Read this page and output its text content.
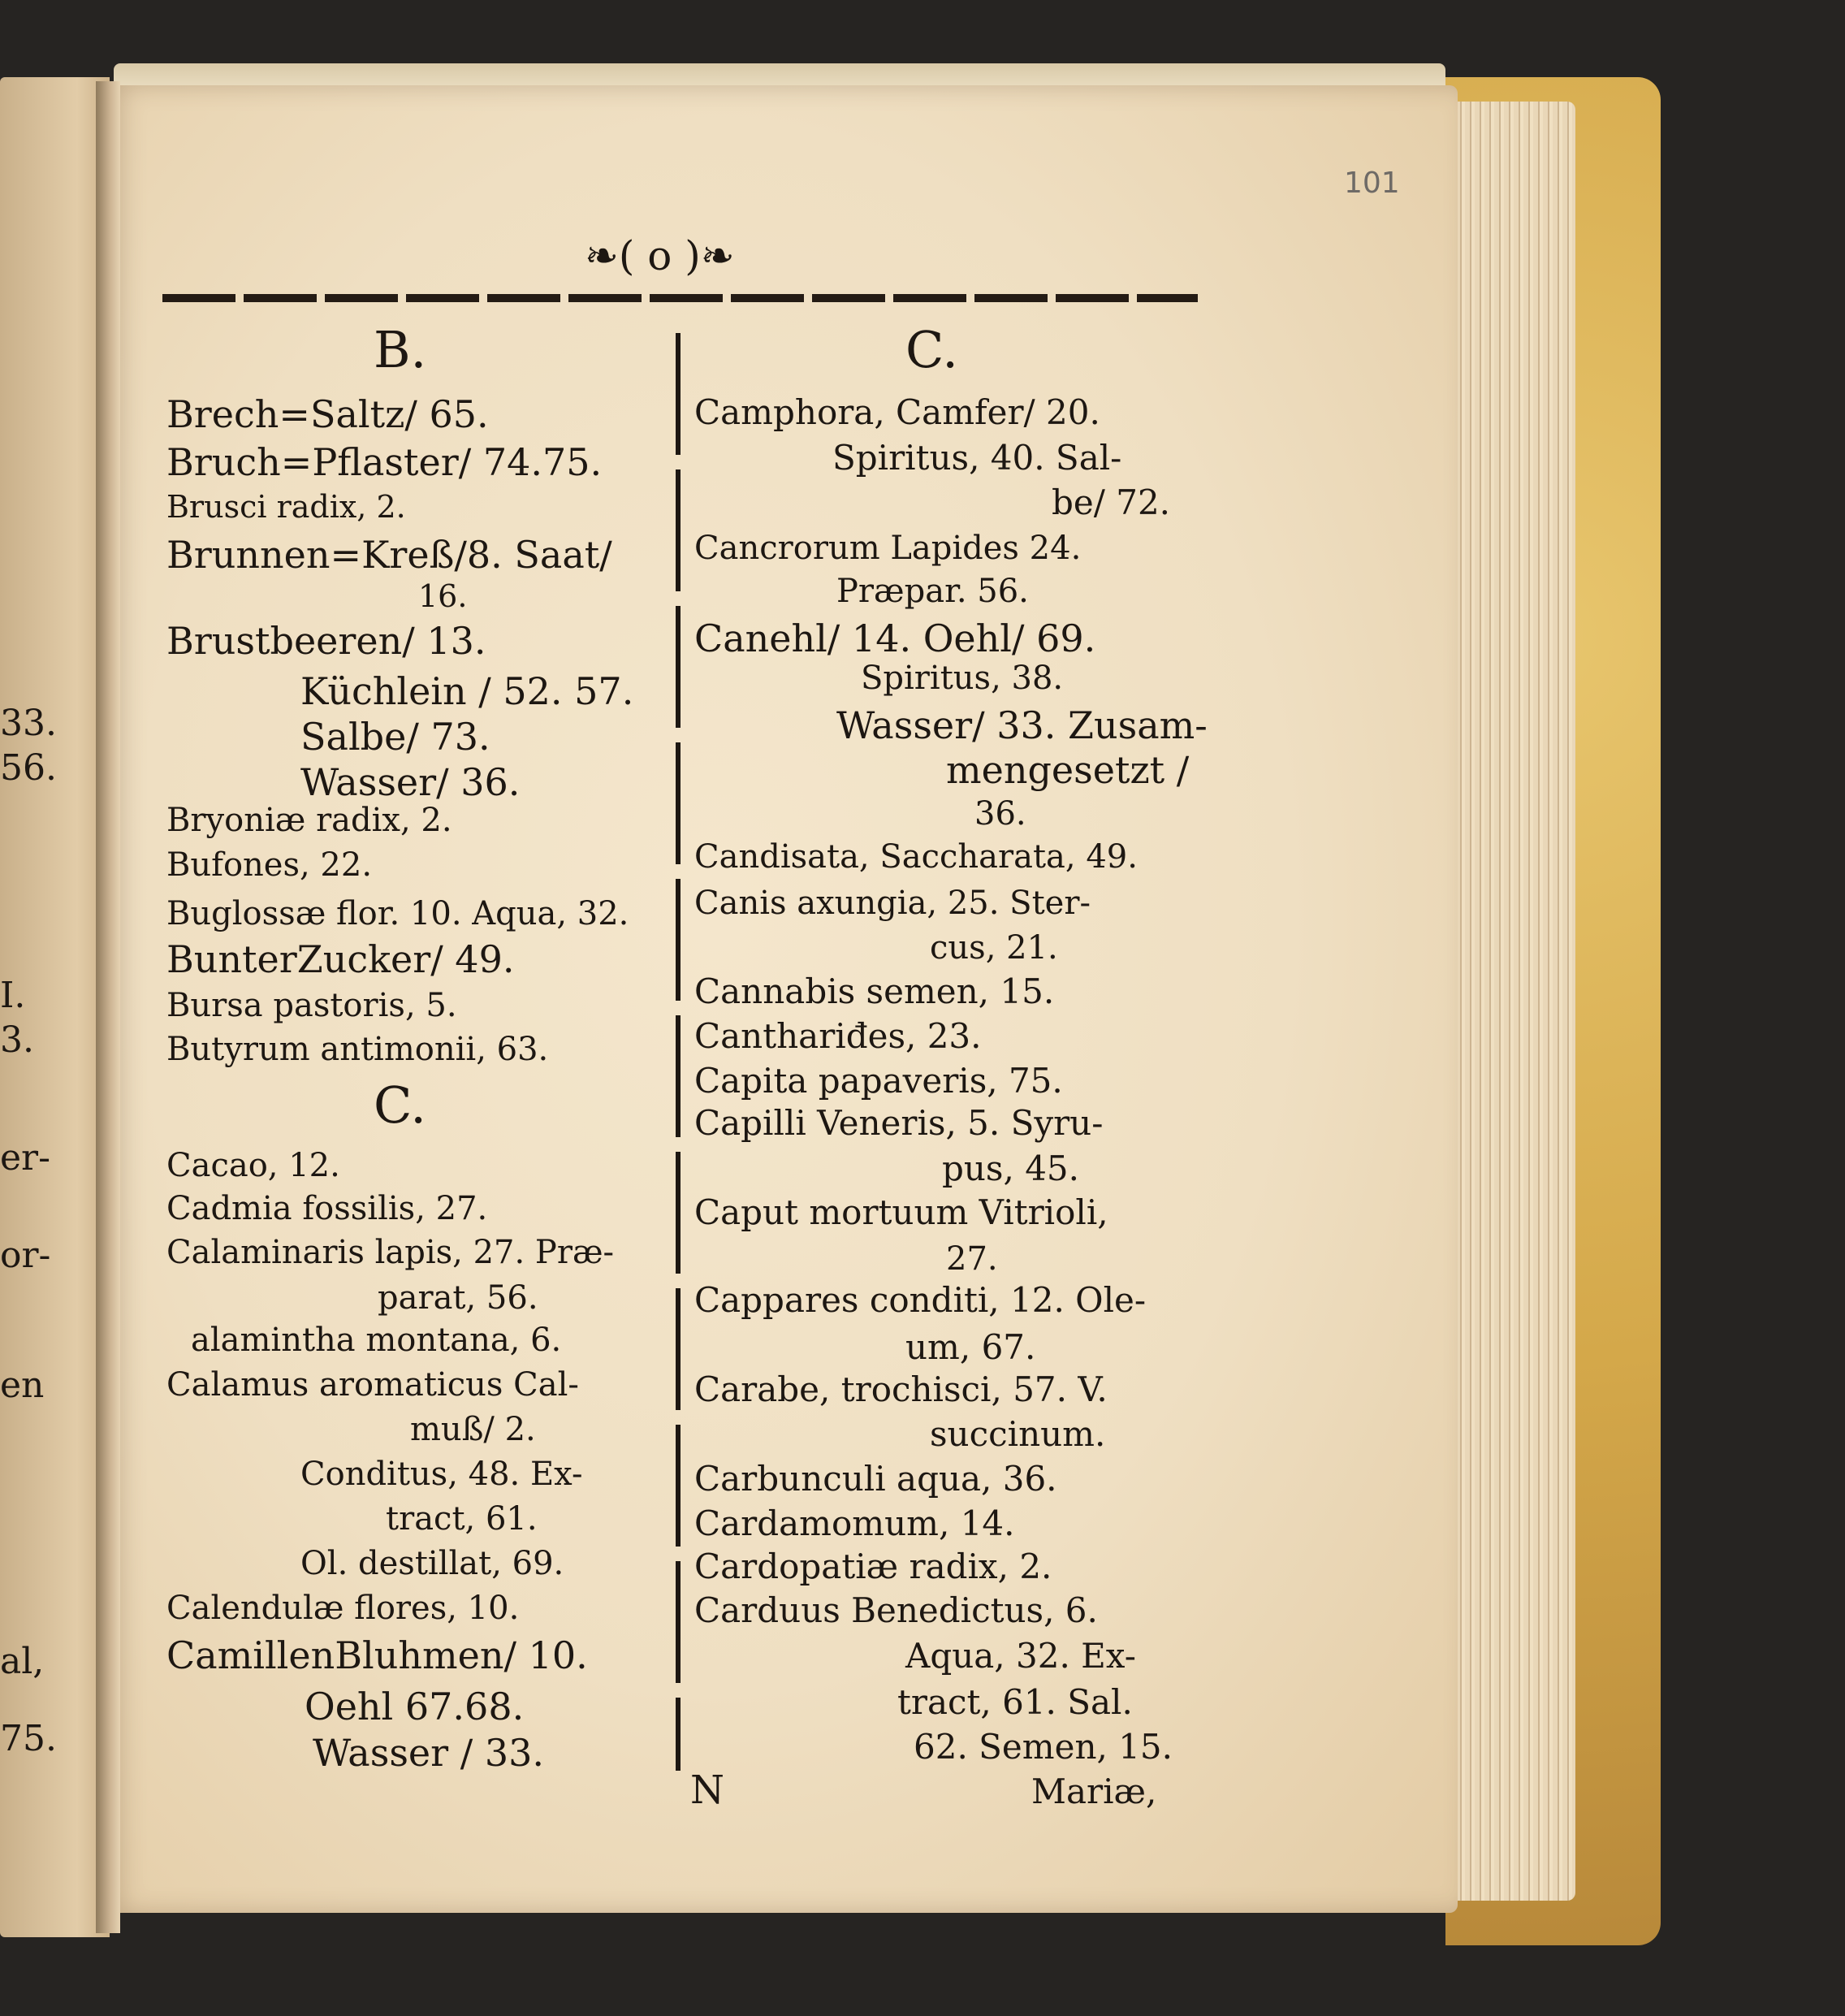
33.
56.
I.
3.
er-
or-
en
al,
75.
❧( o )❧
101
B.
Brech=Saltz/ 65.
Bruch=Pflaster/ 74.75.
Brusci radix, 2.
Brunnen=Kreß/8. Saat/
16.
Brustbeeren/ 13.
Küchlein / 52. 57.
Salbe/ 73.
Wasser/ 36.
Bryoniæ radix, 2.
Bufones, 22.
Buglossæ flor. 10. Aqua, 32.
BunterZucker/ 49.
Bursa pastoris, 5.
Butyrum antimonii, 63.
C.
Cacao, 12.
Cadmia fossilis, 27.
Calaminaris lapis, 27. Præ-
parat, 56.
alamintha montana, 6.
Calamus aromaticus Cal-
muß/ 2.
Conditus, 48. Ex-
tract, 61.
Ol. destillat, 69.
Calendulæ flores, 10.
CamillenBluhmen/ 10.
Oehl 67.68.
Wasser / 33.
C.
Camphora, Camfer/ 20.
Spiritus, 40. Sal-
be/ 72.
Cancrorum Lapides 24.
Præpar. 56.
Canehl/ 14. Oehl/ 69.
Spiritus, 38.
Wasser/ 33. Zusam-
mengesetzt /
36.
Candisata, Saccharata, 49.
Canis axungia, 25. Ster-
cus, 21.
Cannabis semen, 15.
Canthariđes, 23.
Capita papaveris, 75.
Capilli Veneris, 5. Syru-
pus, 45.
Caput mortuum Vitrioli,
27.
Cappares conditi, 12. Ole-
um, 67.
Carabe, trochisci, 57. V.
succinum.
Carbunculi aqua, 36.
Cardamomum, 14.
Cardopatiæ radix, 2.
Carduus Benedictus, 6.
Aqua, 32. Ex-
tract, 61. Sal.
62. Semen, 15.
N	Mariæ,
